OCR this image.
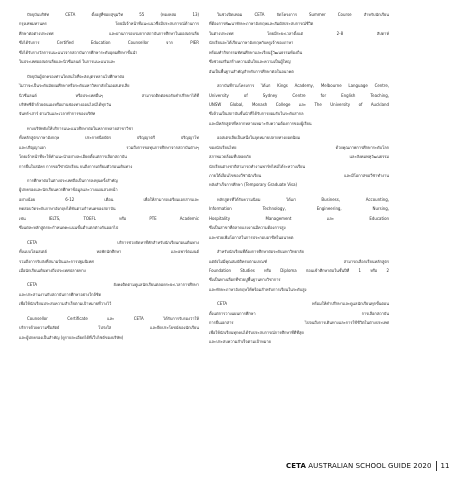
ปัจจุบันบริษัท CETA ตั้งอยู่ที่ซอยสุขุมวิท 55 (ทองหล่อ 13)
กรุงเทพมหานคร โดยมีเจ้าหน้าที่แนะแนวซึ่งมีประสบการณ์ด้านการ
ศึกษาต่อต่างประเทศ และผ่านการอบรมจากสถาบันการศึกษาในออสเตรเลีย
ซึ่งได้รับการ Certified Education Counsellor จาก PIER
ซึ่งได้รับรางวัลการแนะแนวจากสถาบันการศึกษาระดับอุดมศึกษาชั้นนำ
ในประเทศออสเตรเลียและนิวซีแลนด์ ในการแนะแนวและ
ปัจจุบันผู้ปกครองท่านใดสนใจที่จะส่งบุตรหลานไปศึกษาต่อ
ไม่ว่าจะเป็นระดับมัธยมศึกษาหรือระดับมหาวิทยาลัยในออสเตรเลีย
นิวซีแลนด์ หรือประเทศอื่นๆ สามารถติดต่อขอรับคำปรึกษาได้ที่
บริษัทซีต้าด้วยตนเองหรือผ่านช่องทางออนไลน์ได้ทุกวัน
จันทร์-เสาร์ ตามวันและเวลาทำการของบริษัท
ทางบริษัทยังให้บริการแนะแนวศึกษาต่อในหลากหลายสาขาวิชา
ทั้งหลักสูตรภาษาอังกฤษ ประกาศนียบัตร ปริญญาตรี ปริญญาโท
และปริญญาเอก รวมถึงการขอทุนการศึกษาจากสถาบันต่างๆ
โดยเจ้าหน้าที่จะให้คำแนะนำอย่างละเอียดตั้งแต่การเลือกสถาบัน
การยื่นใบสมัคร การขอวีซ่านักเรียน จนถึงการเตรียมตัวก่อนเดินทาง
การศึกษาต่อในต่างประเทศถือเป็นการลงทุนครั้งสำคัญ
ผู้ปกครองและนักเรียนควรศึกษาข้อมูลและวางแผนล่วงหน้า
อย่างน้อย 6-12 เดือน เพื่อให้สามารถเตรียมเอกสารและ
ทดสอบวัดระดับภาษาอังกฤษได้ทันตามกำหนดของสถาบัน
เช่น IELTS, TOEFL หรือ PTE Academic
ซึ่งแต่ละหลักสูตรจะกำหนดคะแนนขั้นต่ำแตกต่างกันออกไป
CETA บริการช่วยจัดหาที่พักสำหรับนักเรียนก่อนเดินทาง
ทั้งแบบโฮมสเตย์ หอพักนักศึกษา และอพาร์ตเมนต์
รวมถึงการรับส่งที่สนามบินและการปฐมนิเทศ
เมื่อนักเรียนเดินทางถึงประเทศปลายทาง
CETA ยังคงติดตามดูแลนักเรียนตลอดระยะเวลาการศึกษา
และประสานงานกับสถาบันการศึกษาอย่างใกล้ชิด
เพื่อให้นักเรียนประสบความสำเร็จตามเป้าหมายที่วางไว้
Counsellor Certificate และ CETA ได้รับการรับรองว่าให้
บริการด้วยความซื่อสัตย์ โปร่งใส และยึดประโยชน์ของนักเรียน
และผู้ปกครองเป็นสำคัญ (ดูรายละเอียดได้ที่เว็บไซต์ของบริษัท)
ในช่วงปิดเทอม CETA จัดโครงการ Summer Course สำหรับนักเรียน
ที่ต้องการพัฒนาทักษะภาษาอังกฤษและสัมผัสประสบการณ์ชีวิต
ในต่างประเทศ โดยมีระยะเวลาตั้งแต่ 2-8 สัปดาห์
นักเรียนจะได้เรียนภาษาอังกฤษกับครูเจ้าของภาษา
พร้อมทำกิจกรรมทัศนศึกษาและเรียนรู้วัฒนธรรมท้องถิ่น
ซึ่งช่วยเสริมสร้างความมั่นใจและความเป็นผู้ใหญ่
อันเป็นพื้นฐานสำคัญสำหรับการศึกษาต่อในอนาคต
สถาบันที่ร่วมโครงการ ได้แก่ Kings Academy, Melbourne Language Centre,
University of Sydney Centre for English Teaching,
UNSW Global, Monash College และ The University of Auckland
ซึ่งล้วนเป็นสถาบันชั้นนำที่ได้รับการยอมรับในระดับสากล
และมีหลักสูตรที่หลากหลายเหมาะกับความต้องการของผู้เรียน
ออสเตรเลียเป็นหนึ่งในจุดหมายปลายทางยอดนิยม
ของนักเรียนไทย ด้วยคุณภาพการศึกษาระดับโลก
สภาพแวดล้อมที่ปลอดภัย และสังคมพหุวัฒนธรรม
นักเรียนต่างชาติสามารถทำงานพาร์ทไทม์ได้ระหว่างเรียน
ภายใต้เงื่อนไขของวีซ่านักเรียน และมีโอกาสขอวีซ่าทำงาน
หลังสำเร็จการศึกษา (Temporary Graduate Visa)
หลักสูตรที่ได้รับความนิยม ได้แก่ Business, Accounting,
Information Technology, Engineering, Nursing,
Hospitality Management และ Education
ซึ่งเป็นสาขาที่ตลาดแรงงานมีความต้องการสูง
และช่วยเพิ่มโอกาสในการประกอบอาชีพในอนาคต
สำหรับนักเรียนที่ต้องการศึกษาต่อระดับมหาวิทยาลัย
แต่ยังไม่มีคุณสมบัติครบตามเกณฑ์ สามารถเลือกเรียนหลักสูตร
Foundation Studies หรือ Diploma ก่อนเข้าศึกษาต่อในชั้นปีที่ 1 หรือ 2
ซึ่งเป็นทางเลือกที่ช่วยปูพื้นฐานทางวิชาการ
และทักษะภาษาอังกฤษให้พร้อมสำหรับการเรียนในระดับสูง
CETA พร้อมให้คำปรึกษาและดูแลนักเรียนทุกขั้นตอน
ตั้งแต่การวางแผนการศึกษา การเลือกสถาบัน
การยื่นเอกสาร ไปจนถึงการเดินทางและการใช้ชีวิตในต่างประเทศ
เพื่อให้นักเรียนทุกคนได้รับประสบการณ์การศึกษาที่ดีที่สุด
และประสบความสำเร็จตามเป้าหมาย
CETA AUSTRALIAN SCHOOL GUIDE 2020 11
